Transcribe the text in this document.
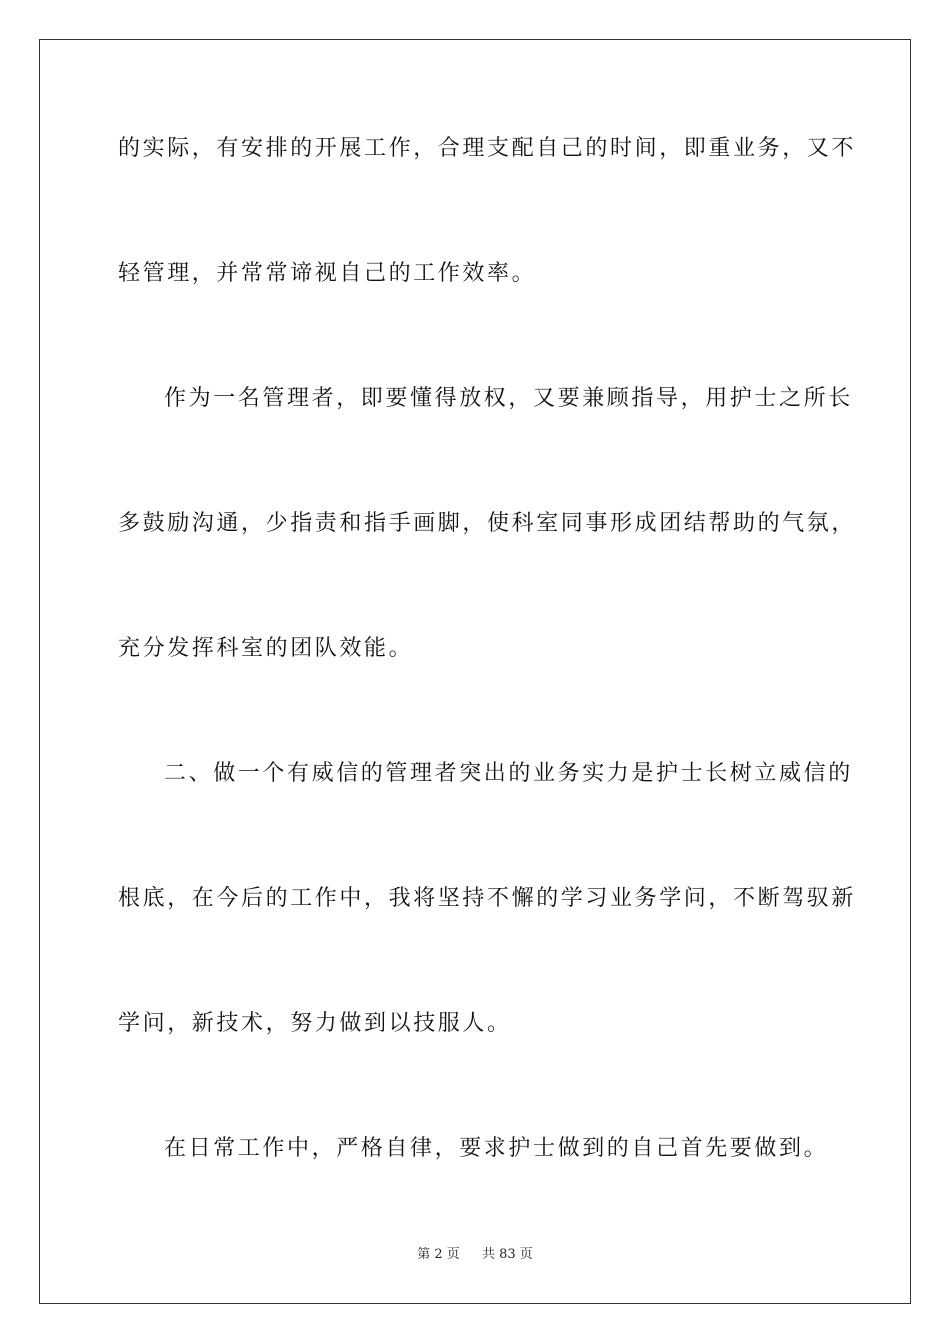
的实际，有安排的开展工作，合理支配自己的时间，即重业务，又不
轻管理，并常常谛视自己的工作效率。
作为一名管理者，即要懂得放权，又要兼顾指导，用护士之所长
多鼓励沟通，少指责和指手画脚，使科室同事形成团结帮助的气氛，
充分发挥科室的团队效能。
二、做一个有威信的管理者突出的业务实力是护士长树立威信的
根底，在今后的工作中，我将坚持不懈的学习业务学问，不断驾驭新
学问，新技术，努力做到以技服人。
在日常工作中，严格自律，要求护士做到的自己首先要做到。
第 2 页 共 83 页
